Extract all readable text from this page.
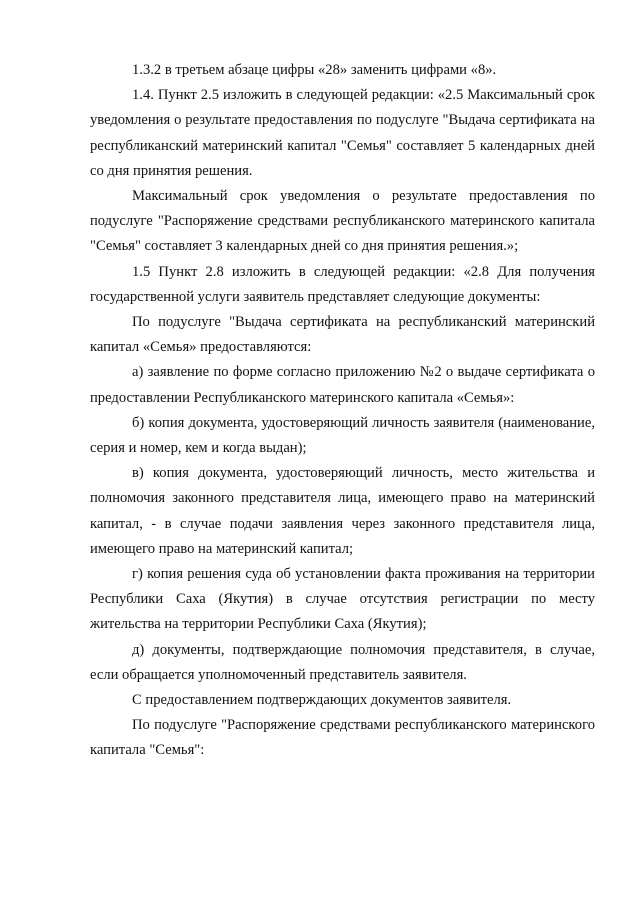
1.3.2 в третьем абзаце цифры «28» заменить цифрами «8».

1.4. Пункт 2.5 изложить в следующей редакции: «2.5 Максимальный срок уведомления о результате предоставления по подуслуге "Выдача сертификата на республиканский материнский капитал "Семья" составляет 5 календарных дней со дня принятия решения.

Максимальный срок уведомления о результате предоставления по подуслуге "Распоряжение средствами республиканского материнского капитала "Семья" составляет 3 календарных дней со дня принятия решения.»;

1.5 Пункт 2.8 изложить в следующей редакции: «2.8 Для получения государственной услуги заявитель представляет следующие документы:

По подуслуге "Выдача сертификата на республиканский материнский капитал «Семья» предоставляются:

а) заявление по форме согласно приложению №2 о выдаче сертификата о предоставлении Республиканского материнского капитала «Семья»:

б) копия документа, удостоверяющий личность заявителя (наименование, серия и номер, кем и когда выдан);

в) копия документа, удостоверяющий личность, место жительства и полномочия законного представителя лица, имеющего право на материнский капитал, - в случае подачи заявления через законного представителя лица, имеющего право на материнский капитал;

г) копия решения суда об установлении факта проживания на территории Республики Саха (Якутия) в случае отсутствия регистрации по месту жительства на территории Республики Саха (Якутия);

д) документы, подтверждающие полномочия представителя, в случае, если обращается уполномоченный представитель заявителя.

С предоставлением подтверждающих документов заявителя.

По подуслуге "Распоряжение средствами республиканского материнского капитала "Семья":
